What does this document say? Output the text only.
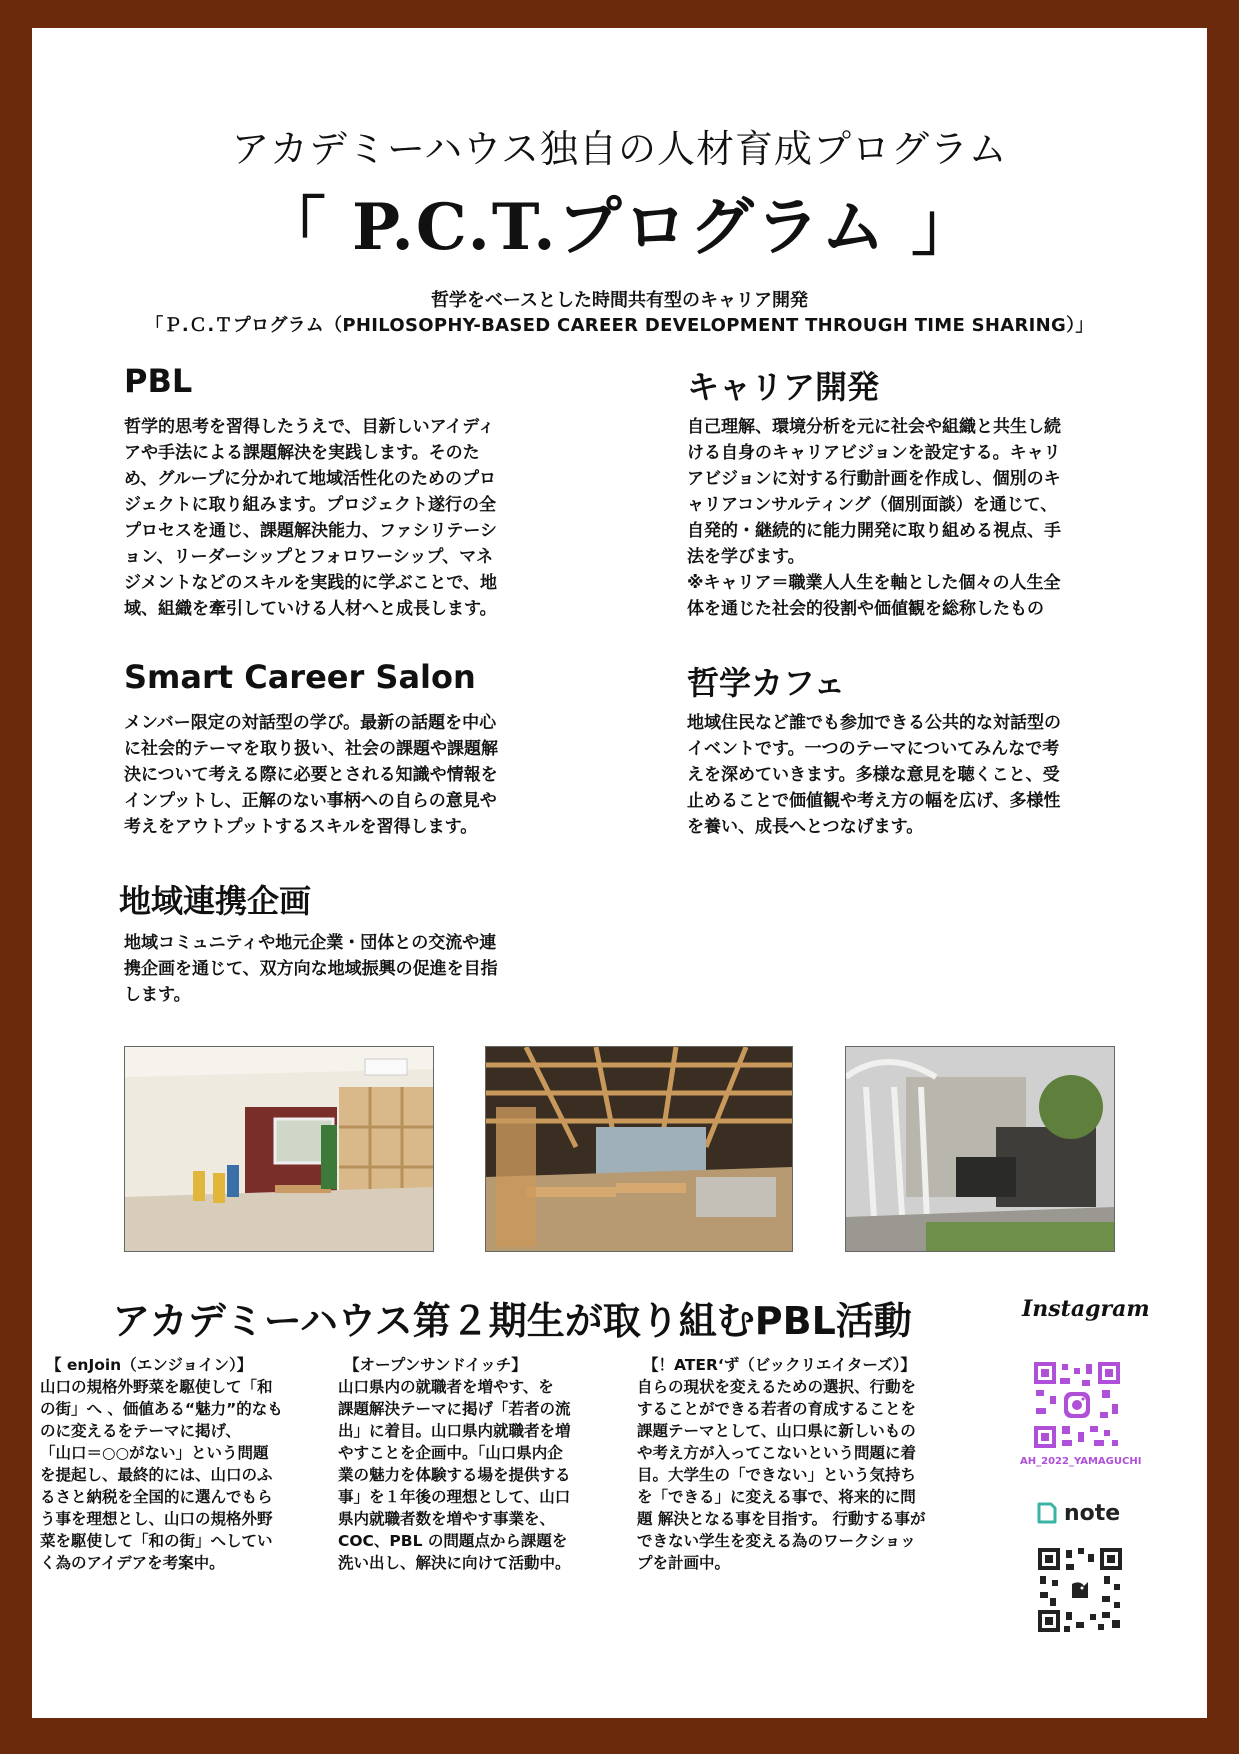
アカデミーハウス独自の人材育成プログラム
「 P.C.T.プログラム 」
哲学をベースとした時間共有型のキャリア開発
「Ｐ.Ｃ.Ｔプログラム（PHILOSOPHY-BASED CAREER DEVELOPMENT THROUGH TIME SHARING）」
PBL
哲学的思考を習得したうえで、目新しいアイディ
アや手法による課題解決を実践します。そのた
め、グループに分かれて地域活性化のためのプロ
ジェクトに取り組みます。プロジェクト遂行の全
プロセスを通じ、課題解決能力、ファシリテーシ
ョン、リーダーシップとフォロワーシップ、マネ
ジメントなどのスキルを実践的に学ぶことで、地
域、組織を牽引していける人材へと成長します。
キャリア開発
自己理解、環境分析を元に社会や組織と共生し続
ける自身のキャリアビジョンを設定する。キャリ
アビジョンに対する行動計画を作成し、個別のキ
ャリアコンサルティング（個別面談）を通じて、
自発的・継続的に能力開発に取り組める視点、手
法を学びます。
※キャリア＝職業人人生を軸とした個々の人生全
体を通じた社会的役割や価値観を総称したもの
Smart Career Salon
メンバー限定の対話型の学び。最新の話題を中心
に社会的テーマを取り扱い、社会の課題や課題解
決について考える際に必要とされる知識や情報を
インプットし、正解のない事柄への自らの意見や
考えをアウトプットするスキルを習得します。
哲学カフェ
地域住民など誰でも参加できる公共的な対話型の
イベントです。一つのテーマについてみんなで考
えを深めていきます。多様な意見を聴くこと、受
止めることで価値観や考え方の幅を広げ、多様性
を養い、成長へとつなげます。
地域連携企画
地域コミュニティや地元企業・団体との交流や連
携企画を通じて、双方向な地域振興の促進を目指
します。
アカデミーハウス第２期生が取り組むPBL活動
【 enJoin（エンジョイン）】
山口の規格外野菜を駆使して「和
の街」へ 、価値ある“魅力”的なも
のに変えるをテーマに掲げ、
「山口＝○○がない」という問題
を提起し、最終的には、山口のふ
るさと納税を全国的に選んでもら
う事を理想とし、山口の規格外野
菜を駆使して「和の街」へしてい
く為のアイデアを考案中。
【オープンサンドイッチ】
山口県内の就職者を増やす、を
課題解決テーマに掲げ「若者の流
出」に着目。山口県内就職者を増
やすことを企画中。「山口県内企
業の魅力を体験する場を提供する
事」を１年後の理想として、山口
県内就職者数を増やす事業を、
COC、PBL の問題点から課題を
洗い出し、解決に向けて活動中。
【！ATER‘ず（ビックリエイターズ）】
自らの現状を変えるための選択、行動を
することができる若者の育成することを
課題テーマとして、山口県に新しいもの
や考え方が入ってこないという問題に着
目。大学生の「できない」という気持ち
を「できる」に変える事で、将来的に問
題 解決となる事を目指す。 行動する事が
できない学生を変える為のワークショッ
プを計画中。
Instagram
AH_2022_YAMAGUCHI
note
